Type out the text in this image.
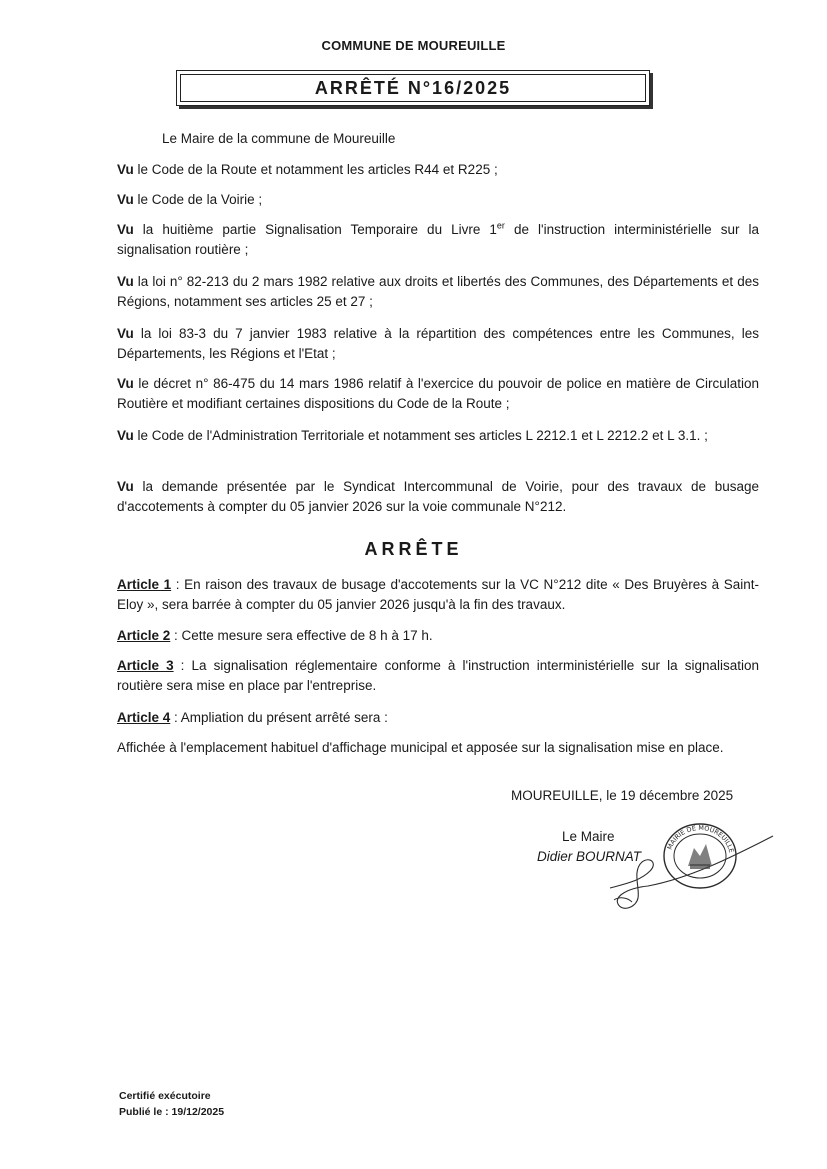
COMMUNE DE MOUREUILLE
ARRÊTÉ N°16/2025
Le Maire de la commune de Moureuille

Vu le Code de la Route et notamment les articles R44 et R225 ;

Vu le Code de la Voirie ;

Vu la huitième partie Signalisation Temporaire du Livre 1er de l'instruction interministérielle sur la signalisation routière ;

Vu la loi n° 82-213 du 2 mars 1982 relative aux droits et libertés des Communes, des Départements et des Régions, notamment ses articles 25 et 27 ;

Vu la loi 83-3 du 7 janvier 1983 relative à la répartition des compétences entre les Communes, les Départements, les Régions et l'Etat ;

Vu le décret n° 86-475 du 14 mars 1986 relatif à l'exercice du pouvoir de police en matière de Circulation Routière et modifiant certaines dispositions du Code de la Route ;

Vu le Code de l'Administration Territoriale et notamment ses articles L 2212.1 et L 2212.2 et L 3.1. ;

Vu la demande présentée par le Syndicat Intercommunal de Voirie, pour des travaux de busage d'accotements à compter du 05 janvier 2026 sur la voie communale N°212.

ARRÊTE

Article 1 : En raison des travaux de busage d'accotements sur la VC N°212 dite « Des Bruyères à Saint-Eloy », sera barrée à compter du 05 janvier 2026 jusqu'à la fin des travaux.

Article 2 : Cette mesure sera effective de 8 h à 17 h.

Article 3 : La signalisation réglementaire conforme à l'instruction interministérielle sur la signalisation routière sera mise en place par l'entreprise.

Article 4 : Ampliation du présent arrêté sera :

Affichée à l'emplacement habituel d'affichage municipal et apposée sur la signalisation mise en place.

MOUREUILLE, le 19 décembre 2025
MAIRIE DE MOUREUILLE
Le Maire
Didier BOURNAT
Certifié exécutoire
Publié le : 19/12/2025
